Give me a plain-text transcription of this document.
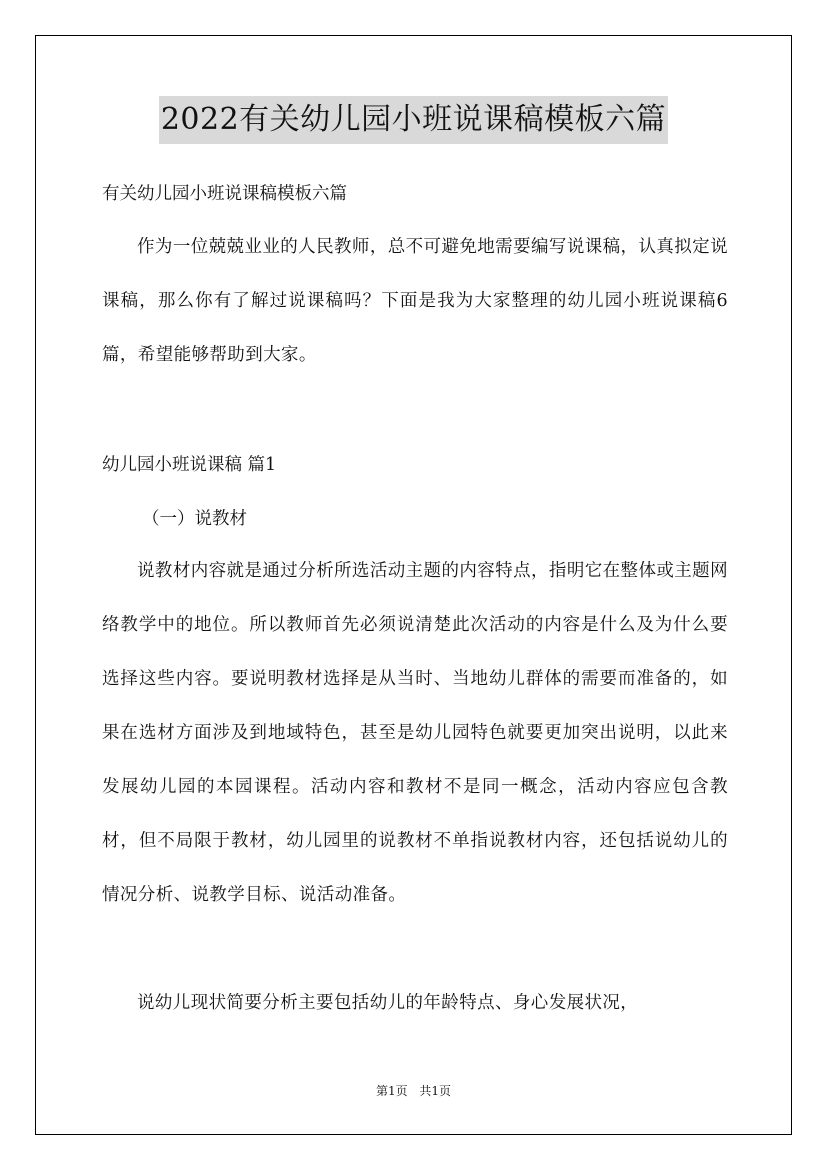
2022有关幼儿园小班说课稿模板六篇

有关幼儿园小班说课稿模板六篇

作为一位兢兢业业的人民教师，总不可避免地需要编写说课稿，认真拟定说课稿，那么你有了解过说课稿吗？下面是我为大家整理的幼儿园小班说课稿6篇，希望能够帮助到大家。

幼儿园小班说课稿 篇1

（一）说教材

说教材内容就是通过分析所选活动主题的内容特点，指明它在整体或主题网络教学中的地位。所以教师首先必须说清楚此次活动的内容是什么及为什么要选择这些内容。要说明教材选择是从当时、当地幼儿群体的需要而准备的，如果在选材方面涉及到地域特色，甚至是幼儿园特色就要更加突出说明，以此来发展幼儿园的本园课程。活动内容和教材不是同一概念，活动内容应包含教材，但不局限于教材，幼儿园里的说教材不单指说教材内容，还包括说幼儿的情况分析、说教学目标、说活动准备。

说幼儿现状简要分析主要包括幼儿的年龄特点、身心发展状况，

第1页 共1页
